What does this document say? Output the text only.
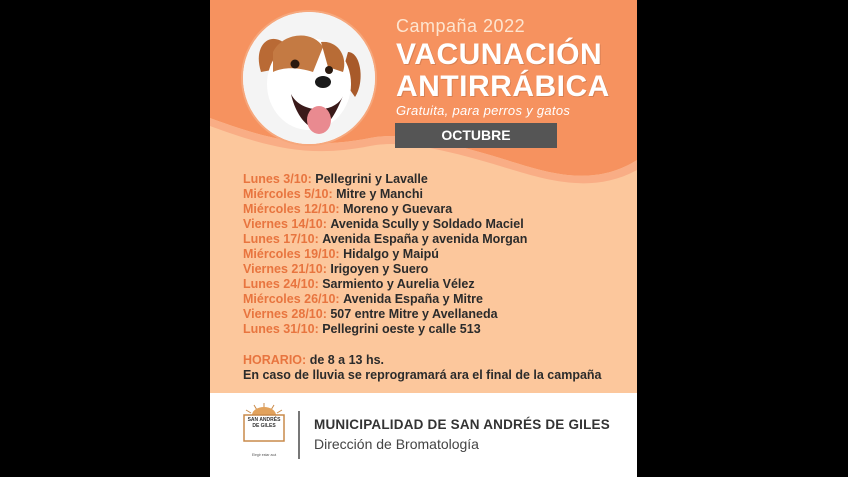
Campaña 2022
VACUNACIÓN
ANTIRRÁBICA
Gratuita, para perros y gatos
OCTUBRE
Lunes 3/10: Pellegrini y Lavalle
Miércoles 5/10: Mitre y Manchi
Miércoles 12/10: Moreno y Guevara
Viernes 14/10: Avenida Scully y Soldado Maciel
Lunes 17/10: Avenida España y avenida Morgan
Miércoles 19/10: Hidalgo y Maipú
Viernes 21/10: Irigoyen y Suero
Lunes 24/10: Sarmiento y Aurelia Vélez
Miércoles 26/10: Avenida España y Mitre
Viernes 28/10: 507 entre Mitre y Avellaneda
Lunes 31/10: Pellegrini oeste y calle 513
HORARIO: de 8 a 13 hs.
En caso de lluvia se reprogramará ara el final de la campaña
SAN ANDRÉS DE GILES
Elegir estar acá
MUNICIPALIDAD DE SAN ANDRÉS DE GILES
Dirección de Bromatología
